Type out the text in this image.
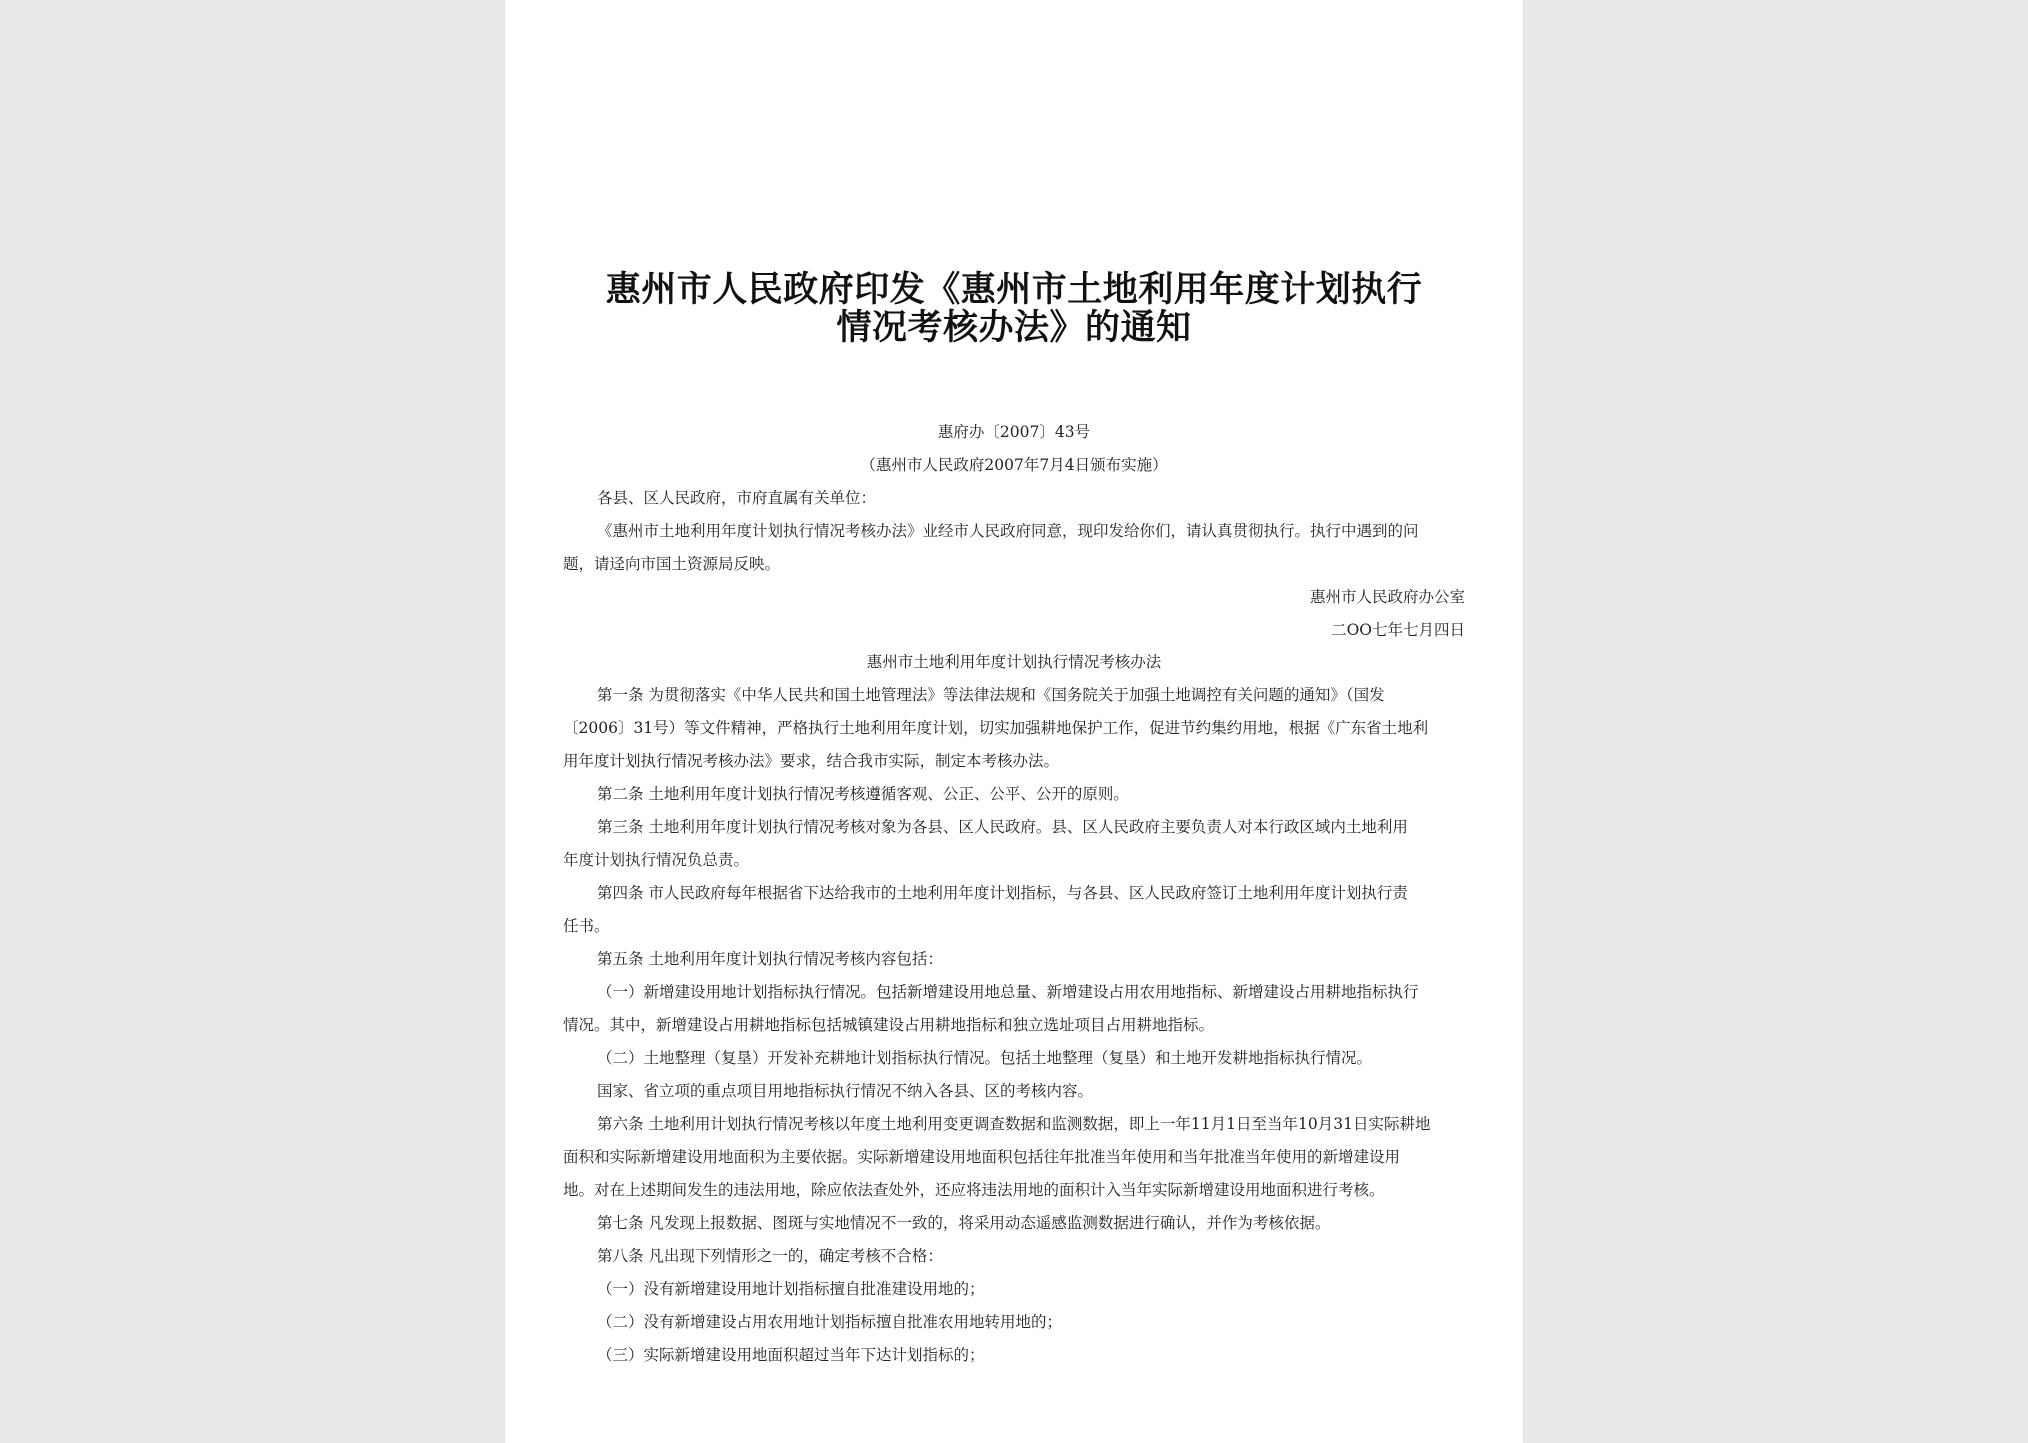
惠州市人民政府印发《惠州市土地利用年度计划执行
情况考核办法》的通知
惠府办〔2007〕43号
（惠州市人民政府2007年7月4日颁布实施）
各县、区人民政府，市府直属有关单位：
《惠州市土地利用年度计划执行情况考核办法》业经市人民政府同意，现印发给你们，请认真贯彻执行。执行中遇到的问
题，请迳向市国土资源局反映。
惠州市人民政府办公室
二OO七年七月四日
惠州市土地利用年度计划执行情况考核办法
第一条 为贯彻落实《中华人民共和国土地管理法》等法律法规和《国务院关于加强土地调控有关问题的通知》（国发
〔2006〕31号）等文件精神，严格执行土地利用年度计划，切实加强耕地保护工作，促进节约集约用地，根据《广东省土地利
用年度计划执行情况考核办法》要求，结合我市实际，制定本考核办法。
第二条 土地利用年度计划执行情况考核遵循客观、公正、公平、公开的原则。
第三条 土地利用年度计划执行情况考核对象为各县、区人民政府。县、区人民政府主要负责人对本行政区域内土地利用
年度计划执行情况负总责。
第四条 市人民政府每年根据省下达给我市的土地利用年度计划指标，与各县、区人民政府签订土地利用年度计划执行责
任书。
第五条 土地利用年度计划执行情况考核内容包括：
（一）新增建设用地计划指标执行情况。包括新增建设用地总量、新增建设占用农用地指标、新增建设占用耕地指标执行
情况。其中，新增建设占用耕地指标包括城镇建设占用耕地指标和独立选址项目占用耕地指标。
（二）土地整理（复垦）开发补充耕地计划指标执行情况。包括土地整理（复垦）和土地开发耕地指标执行情况。
国家、省立项的重点项目用地指标执行情况不纳入各县、区的考核内容。
第六条 土地利用计划执行情况考核以年度土地利用变更调查数据和监测数据，即上一年11月1日至当年10月31日实际耕地
面积和实际新增建设用地面积为主要依据。实际新增建设用地面积包括往年批准当年使用和当年批准当年使用的新增建设用
地。对在上述期间发生的违法用地，除应依法查处外，还应将违法用地的面积计入当年实际新增建设用地面积进行考核。
第七条 凡发现上报数据、图斑与实地情况不一致的，将采用动态遥感监测数据进行确认，并作为考核依据。
第八条 凡出现下列情形之一的，确定考核不合格：
（一）没有新增建设用地计划指标擅自批准建设用地的；
（二）没有新增建设占用农用地计划指标擅自批准农用地转用地的；
（三）实际新增建设用地面积超过当年下达计划指标的；
